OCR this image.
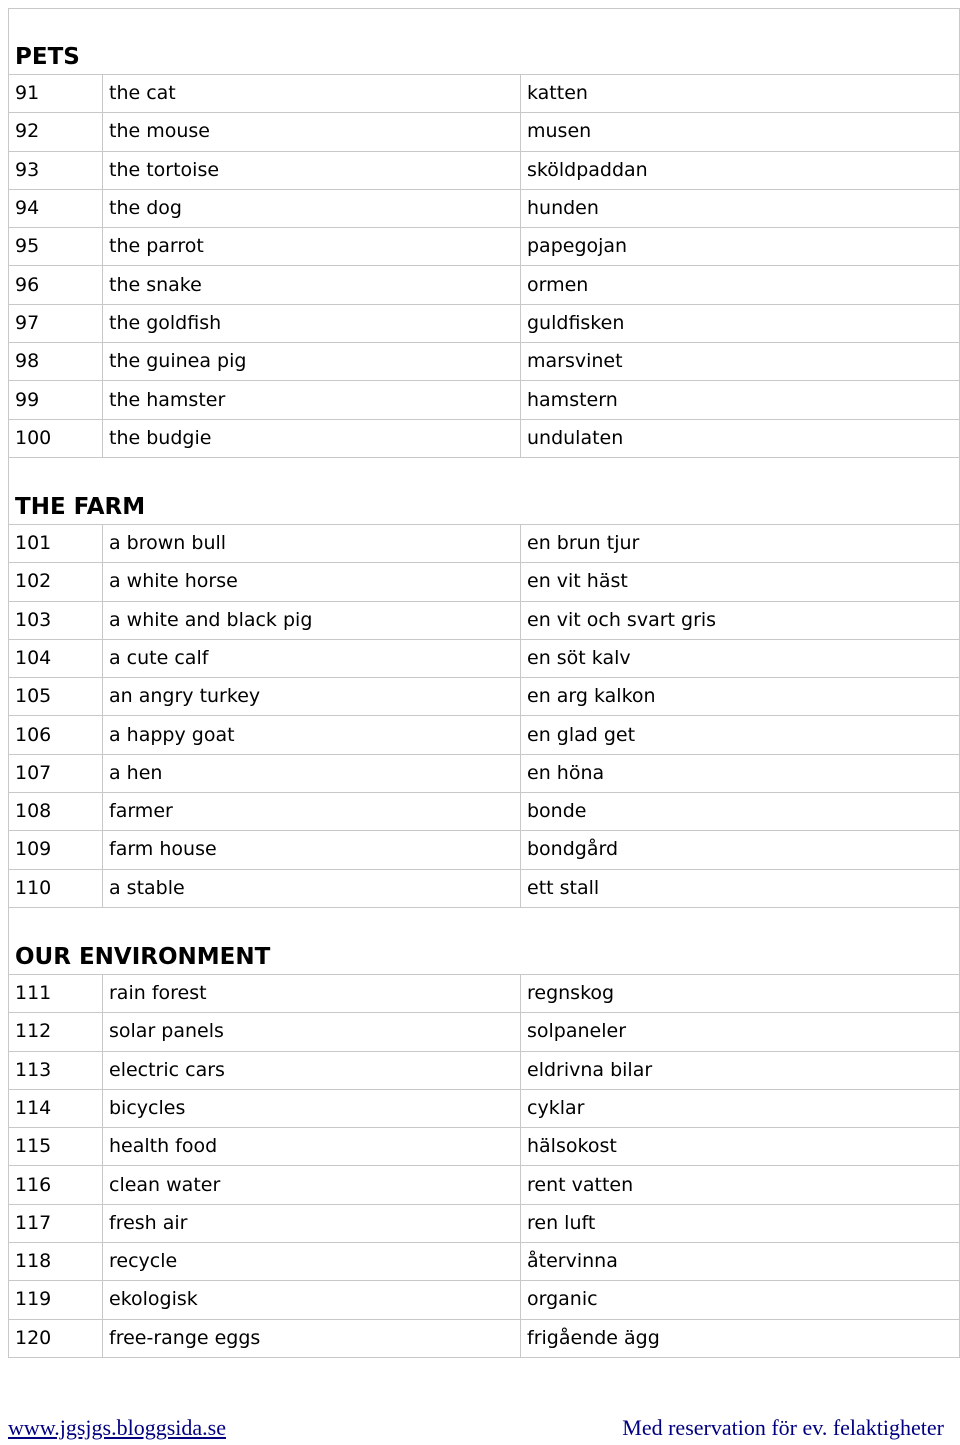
PETS		
91	the cat	katten
92	the mouse	musen
93	the tortoise	sköldpaddan
94	the dog	hunden
95	the parrot	papegojan
96	the snake	ormen
97	the goldfish	guldfisken
98	the guinea pig	marsvinet
99	the hamster	hamstern
100	the budgie	undulaten
THE FARM		
101	a brown bull	en brun tjur
102	a white horse	en vit häst
103	a white and black pig	en vit och svart gris
104	a cute calf	en söt kalv
105	an angry turkey	en arg kalkon
106	a happy goat	en glad get
107	a hen	en höna
108	farmer	bonde
109	farm house	bondgård
110	a stable	ett stall
OUR ENVIRONMENT		
111	rain forest	regnskog
112	solar panels	solpaneler
113	electric cars	eldrivna bilar
114	bicycles	cyklar
115	health food	hälsokost
116	clean water	rent vatten
117	fresh air	ren luft
118	recycle	återvinna
119	ekologisk	organic
120	free-range eggs	frigående ägg
www.jgsjgs.bloggsida.se	Med reservation för ev. felaktigheter
